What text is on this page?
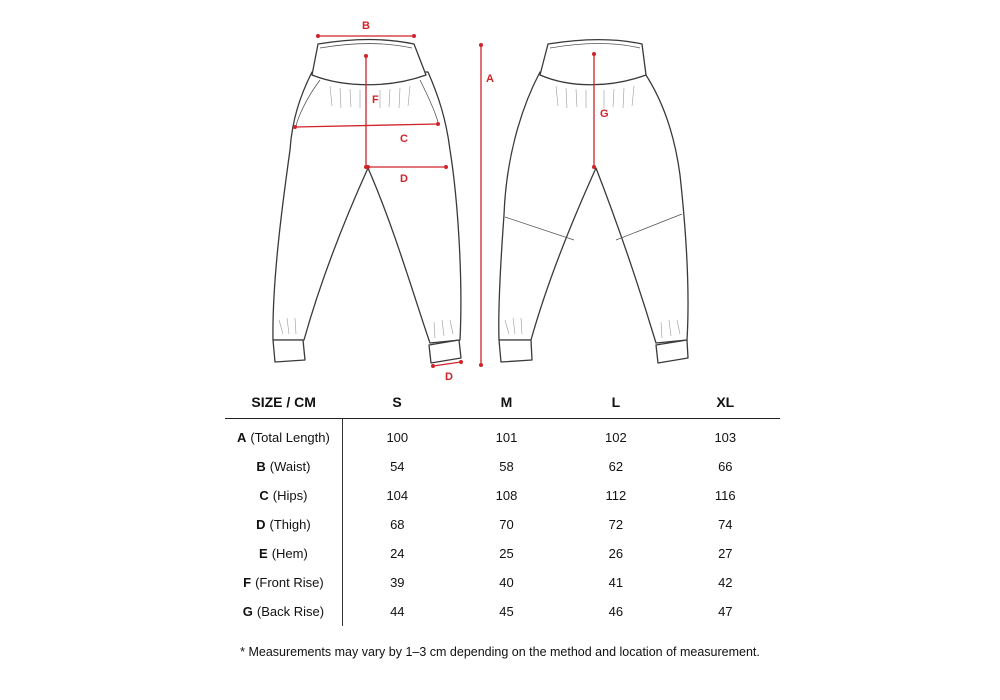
B
F
C
D
D
A
G
SIZE / CM	S	M	L	XL
A (Total Length)	100	101	102	103
B (Waist)	54	58	62	66
C (Hips)	104	108	112	116
D (Thigh)	68	70	72	74
E (Hem)	24	25	26	27
F (Front Rise)	39	40	41	42
G (Back Rise)	44	45	46	47
* Measurements may vary by 1–3 cm depending on the method and location of measurement.
